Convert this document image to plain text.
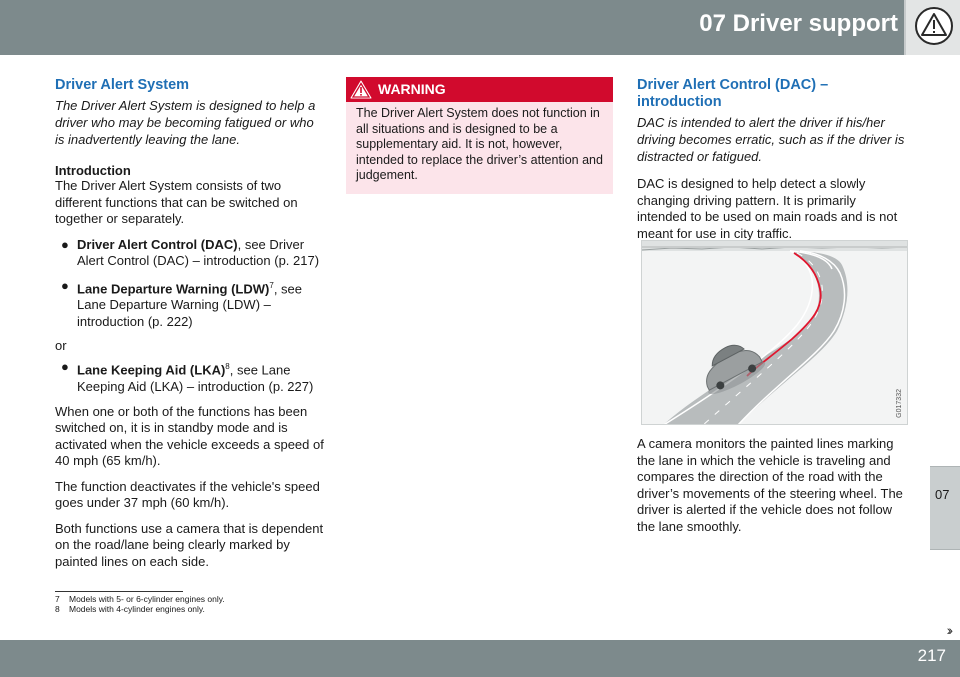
07 Driver support
Driver Alert System
The Driver Alert System is designed to help a driver who may be becoming fatigued or who is inadvertently leaving the lane.
Introduction

The Driver Alert System consists of two different functions that can be switched on together or separately.

● Driver Alert Control (DAC), see Driver Alert Control (DAC) – introduction (p. 217)
● Lane Departure Warning (LDW)$^7$, see Lane Departure Warning (LDW) – introduction (p. 222)
or
● Lane Keeping Aid (LKA)$^8$, see Lane Keeping Aid (LKA) – introduction (p. 227)

When one or both of the functions has been switched on, it is in standby mode and is activated when the vehicle exceeds a speed of 40 mph (65 km/h).

The function deactivates if the vehicle's speed goes under 37 mph (60 km/h).

Both functions use a camera that is dependent on the road/lane being clearly marked by painted lines on each side.

WARNING
The Driver Alert System does not function in all situations and is designed to be a supplementary aid. It is not, however, intended to replace the driver’s attention and judgement.
Driver Alert Control (DAC) – introduction
DAC is intended to alert the driver if his/her driving becomes erratic, such as if the driver is distracted or fatigued.

DAC is designed to help detect a slowly changing driving pattern. It is primarily intended to be used on main roads and is not meant for use in city traffic.

G017332

A camera monitors the painted lines marking the lane in which the vehicle is traveling and compares the direction of the road with the driver’s movements of the steering wheel. The driver is alerted if the vehicle does not follow the lane smoothly.

07
››
7 Models with 5- or 6-cylinder engines only.
8 Models with 4-cylinder engines only.
217
